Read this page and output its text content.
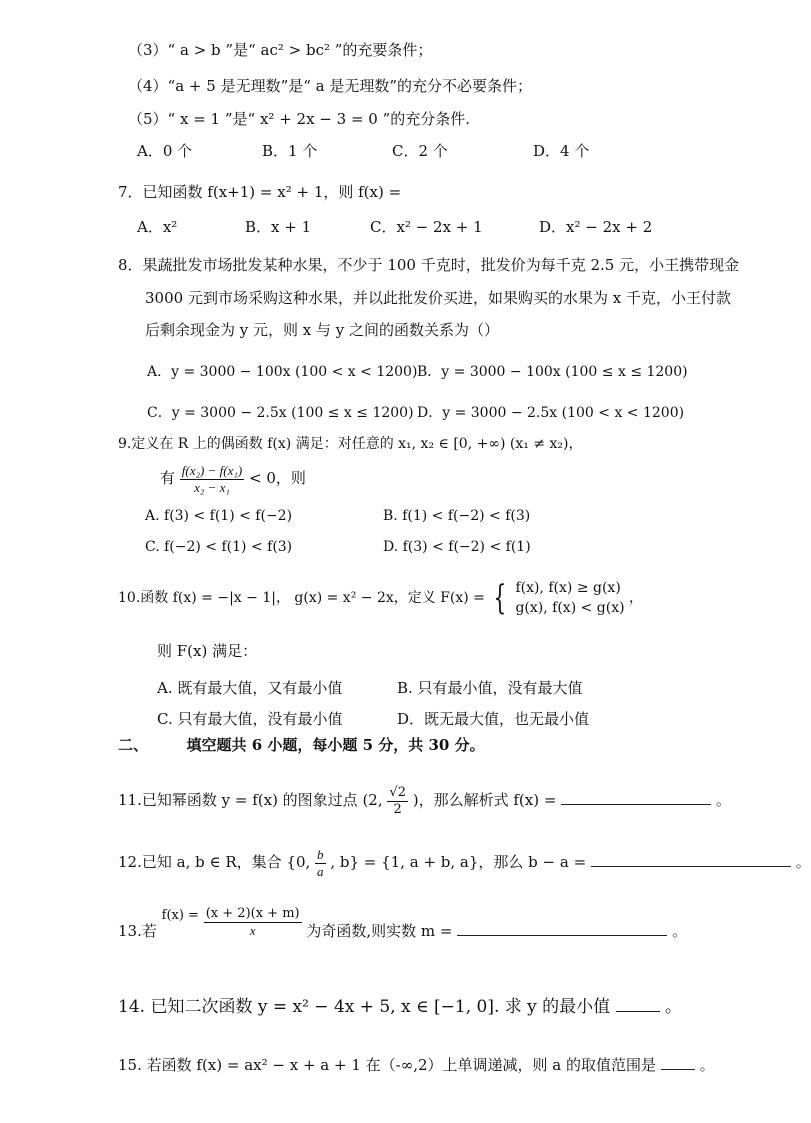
（3）“ a > b ”是“ ac² > bc² ”的充要条件；
（4）“a + 5 是无理数”是“ a 是无理数”的充分不必要条件；
（5）“ x = 1 ”是“ x² + 2x − 3 = 0 ”的充分条件.
A．0 个	B．1 个	C．2 个	D．4 个
7．已知函数 f(x+1) = x² + 1，则 f(x) =
A．x²	B．x + 1	C．x² − 2x + 1	D．x² − 2x + 2
8．果蔬批发市场批发某种水果，不少于 100 千克时，批发价为每千克 2.5 元，小王携带现金
3000 元到市场采购这种水果，并以此批发价买进，如果购买的水果为 x 千克，小王付款
后剩余现金为 y 元，则 x 与 y 之间的函数关系为（）
A．y = 3000 − 100x (100 < x < 1200) B．y = 3000 − 100x (100 ≤ x ≤ 1200)
C．y = 3000 − 2.5x (100 ≤ x ≤ 1200) D．y = 3000 − 2.5x (100 < x < 1200)
9.定义在 R 上的偶函数 f(x) 满足：对任意的 x₁, x₂ ∈ [0, +∞) (x₁ ≠ x₂)，
有 $\frac{\text{f(x₂) − f(x₁)}}{\text{x₂ − x₁}} < 0$，则
A. f(3) < f(1) < f(−2)	B. f(1) < f(−2) < f(3)
C. f(−2) < f(1) < f(3)	D. f(3) < f(−2) < f(1)
10.函数 f(x) = −|x − 1|， g(x) = x² − 2x，定义 F(x) = { f(x), f(x) ≥ g(x)
g(x), f(x) < g(x)
，
则 F(x) 满足：
A. 既有最大值，又有最小值	B. 只有最小值，没有最大值
C. 只有最大值，没有最小值	D．既无最大值，也无最小值
二、	填空题共 6 小题，每小题 5 分，共 30 分。
11.已知幂函数 y = f(x) 的图象过点 (2, $\frac{√2}{2}$ )，那么解析式 f(x) =	。
12.已知 a, b ∈ R，集合 {0, $\frac{b}{a}$ , b} = {1, a + b, a}，那么 b − a =	。
13.若 $f(x) = \frac{(x + 2)(x + m)}{x}$ 为奇函数,则实数 m =	。
14. 已知二次函数 y = x² − 4x + 5, x ∈ [−1, 0]. 求 y 的最小值	。
15. 若函数 f(x) = ax² − x + a + 1 在（-∞,2）上单调递减，则 a 的取值范围是	。
